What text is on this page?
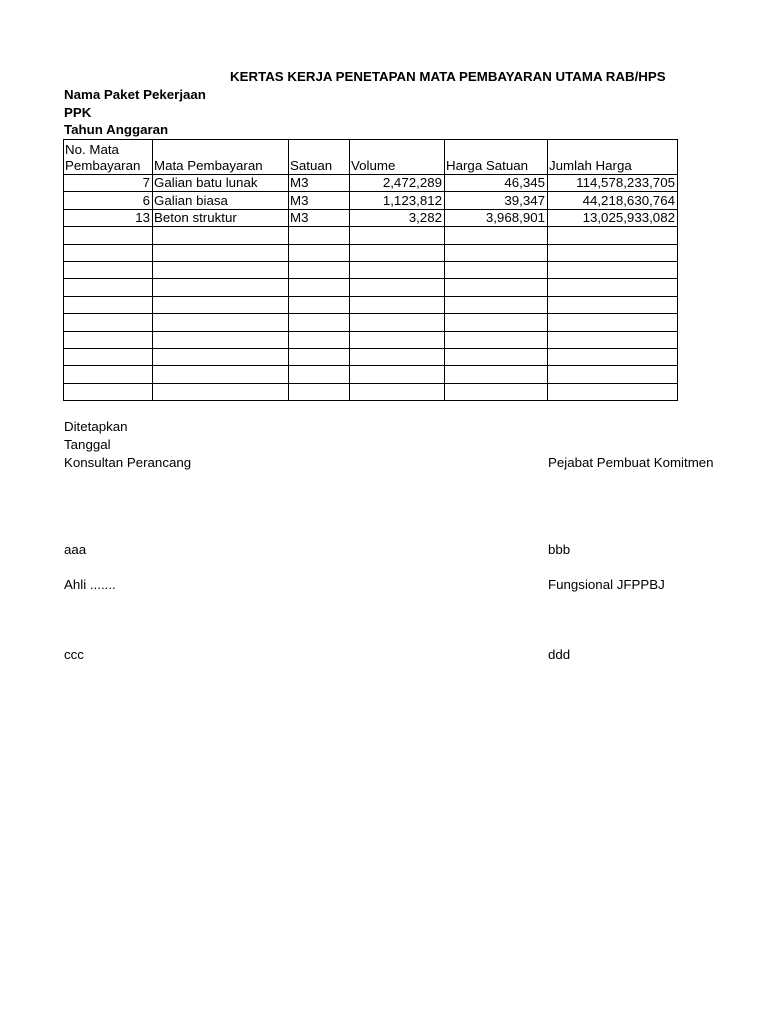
KERTAS KERJA PENETAPAN MATA PEMBAYARAN UTAMA RAB/HPS
Nama Paket Pekerjaan
PPK
Tahun Anggaran
No. Mata
Pembayaran	Mata Pembayaran	Satuan	Volume	Harga Satuan	Jumlah Harga
7	Galian batu lunak	M3	2,472,289	46,345	114,578,233,705
6	Galian biasa	M3	1,123,812	39,347	44,218,630,764
13	Beton struktur	M3	3,282	3,968,901	13,025,933,082

Ditetapkan
Tanggal
Konsultan Perancang	Pejabat Pembuat Komitmen
aaa	bbb
Ahli .......	Fungsional JFPPBJ
ccc	ddd
